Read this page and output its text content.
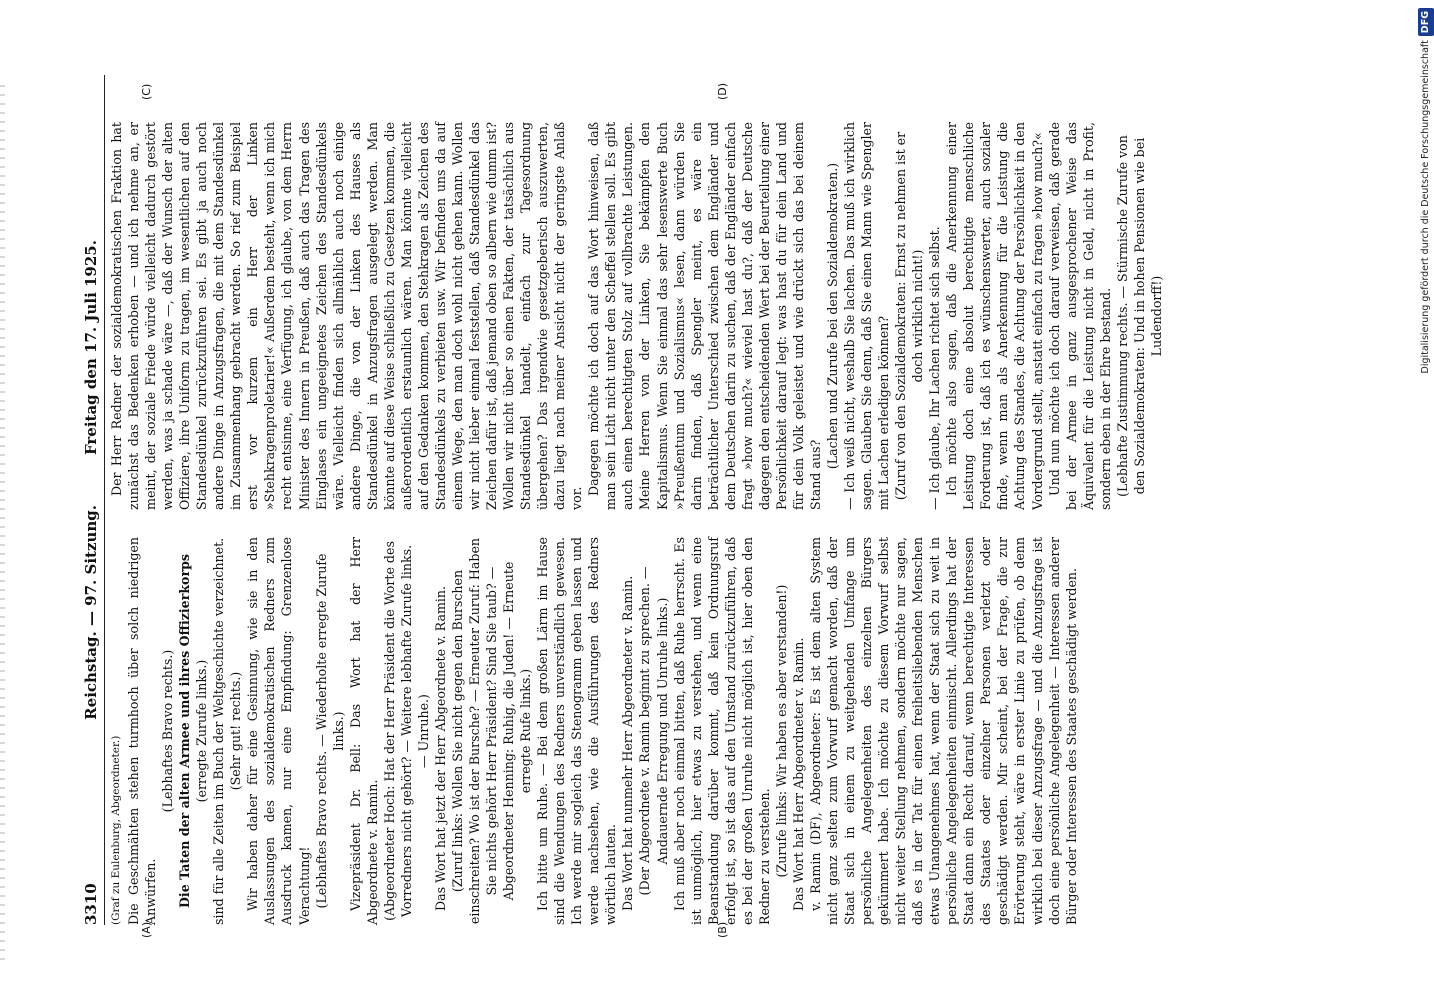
3310
Reichstag. — 97. Sitzung.
Freitag den 17. Juli 1925.
(A)	(B)
(C)	(D)

(Graf zu Eulenburg, Abgeordneter.) Die Geschmähten stehen turmhoch über solch niedrigen Anwürfen.

(Lebhaftes Bravo rechts.) Die Taten der alten Armee und ihres Offizierkorps (erregte Zurufe links.) sind für alle Zeiten im Buch der Weltgeschichte verzeichnet. (Sehr gut! rechts.) Wir haben daher für eine Gesinnung, wie sie in den Auslassungen des sozialdemokratischen Redners zum Ausdruck kamen, nur eine Empfindung: Grenzenlose Verachtung! (Lebhaftes Bravo rechts. — Wiederholte erregte Zurufe links.) Vizepräsident Dr. Bell: Das Wort hat der Herr Abgeordnete v. Ramin. (Abgeordneter Hoch: Hat der Herr Präsident die Worte des Vorredners nicht gehört? — Weitere lebhafte Zurufe links. — Unruhe.) Das Wort hat jetzt der Herr Abgeordnete v. Ramin. (Zuruf links: Wollen Sie nicht gegen den Burschen einschreiten? Wo ist der Bursche? — Erneuter Zuruf: Haben Sie nichts gehört Herr Präsident? Sind Sie taub? — Abgeordneter Henning: Ruhig, die Juden! — Erneute erregte Rufe links.) Ich bitte um Ruhe. — Bei dem großen Lärm im Hause sind die Wendungen des Redners unverständlich gewesen. Ich werde mir sogleich das Stenogramm geben lassen und werde nachsehen, wie die Ausführungen des Redners wörtlich lauten. Das Wort hat nunmehr Herr Abgeordneter v. Ramin. (Der Abgeordnete v. Ramin beginnt zu sprechen. — Andauernde Erregung und Unruhe links.) Ich muß aber noch einmal bitten, daß Ruhe herrscht. Es ist unmöglich, hier etwas zu verstehen, und wenn eine Beanstandung darüber kommt, daß kein Ordnungsruf erfolgt ist, so ist das auf den Umstand zurückzuführen, daß es bei der großen Unruhe nicht möglich ist, hier oben den Redner zu verstehen. (Zurufe links: Wir haben es aber verstanden!) Das Wort hat Herr Abgeordneter v. Ramin. v. Ramin (DF), Abgeordneter: Es ist dem alten System nicht ganz selten zum Vorwurf gemacht worden, daß der Staat sich in einem zu weitgehenden Umfange um persönliche Angelegenheiten des einzelnen Bürgers gekümmert habe. Ich möchte zu diesem Vorwurf selbst nicht weiter Stellung nehmen, sondern möchte nur sagen, daß es in der Tat für einen freiheitsliebenden Menschen etwas Unangenehmes hat, wenn der Staat sich zu weit in persönliche Angelegenheiten einmischt. Allerdings hat der Staat dann ein Recht darauf, wenn berechtigte Interessen des Staates oder einzelner Personen verletzt oder geschädigt werden. Mir scheint, bei der Frage, die zur Erörterung steht, wäre in erster Linie zu prüfen, ob denn wirklich bei dieser Anzugsfrage — und die Anzugsfrage ist doch eine persönliche Angelegenheit — Interessen anderer Bürger oder Interessen des Staates geschädigt werden.

Der Herr Redner der sozialdemokratischen Fraktion hat zunächst das Bedenken erhoben — und ich nehme an, er meint, der soziale Friede würde vielleicht dadurch gestört werden, was ja schade wäre —, daß der Wunsch der alten Offiziere, ihre Uniform zu tragen, im wesentlichen auf den Standesdünkel zurückzuführen sei. Es gibt ja auch noch andere Dinge in Anzugsfragen, die mit dem Standesdünkel im Zusammenhang gebracht werden. So rief zum Beispiel erst vor kurzem ein Herr der Linken »Stehkragenproletarier!« Außerdem besteht, wenn ich mich recht entsinne, eine Verfügung, ich glaube, von dem Herrn Minister des Innern in Preußen, daß auch das Tragen des Einglases ein ungeeignetes Zeichen des Standesdünkels wäre. Vielleicht finden sich allmählich auch noch einige andere Dinge, die von der Linken des Hauses als Standesdünkel in Anzugsfragen ausgelegt werden. Man könnte auf diese Weise schließlich zu Gesetzen kommen, die außerordentlich erstaunlich wären. Man könnte vielleicht auf den Gedanken kommen, den Stehkragen als Zeichen des Standesdünkels zu verbieten usw. Wir befinden uns da auf einem Wege, den man doch wohl nicht gehen kann. Wollen wir nicht lieber einmal feststellen, daß Standesdünkel das Zeichen dafür ist, daß jemand oben so albern wie dumm ist? Wollen wir nicht über so einen Fakten, der tatsächlich aus Standesdünkel handelt, einfach zur Tagesordnung übergehen? Das irgendwie gesetzgeberisch auszuwerten, dazu liegt nach meiner Ansicht nicht der geringste Anlaß vor.

Dagegen möchte ich doch auf das Wort hinweisen, daß man sein Licht nicht unter den Scheffel stellen soll. Es gibt auch einen berechtigten Stolz auf vollbrachte Leistungen. Meine Herren von der Linken, Sie bekämpfen den Kapitalismus. Wenn Sie einmal das sehr lesenswerte Buch »Preußentum und Sozialismus« lesen, dann würden Sie darin finden, daß Spengler meint, es wäre ein beträchtlicher Unterschied zwischen dem Engländer und dem Deutschen darin zu suchen, daß der Engländer einfach fragt »how much?« wieviel hast du?, daß der Deutsche dagegen den entscheidenden Wert bei der Beurteilung einer Persönlichkeit darauf legt: was hast du für dein Land und für dein Volk geleistet und wie drückt sich das bei deinem Stand aus?

(Lachen und Zurufe bei den Sozialdemokraten.) — Ich weiß nicht, weshalb Sie lachen. Das muß ich wirklich sagen. Glauben Sie denn, daß Sie einen Mann wie Spengler mit Lachen erledigen können? (Zuruf von den Sozialdemokraten: Ernst zu nehmen ist er doch wirklich nicht!) — Ich glaube, Ihr Lachen richtet sich selbst. Ich möchte also sagen, daß die Anerkennung einer Leistung doch eine absolut berechtigte menschliche Forderung ist, daß ich es wünschenswerter, auch sozialer finde, wenn man als Anerkennung für die Leistung die Achtung des Standes, die Achtung der Persönlichkeit in den Vordergrund stellt, anstatt einfach zu fragen »how much?« Und nun möchte ich doch darauf verweisen, daß gerade bei der Armee in ganz ausgesprochener Weise das Äquivalent für die Leistung nicht in Geld, nicht in Profit, sondern eben in der Ehre bestand. (Lebhafte Zustimmung rechts. — Stürmische Zurufe von den Sozialdemokraten: Und in hohen Pensionen wie bei Ludendorff!)	Digitalisierung gefördert durch die Deutsche ForschungsgemeinschaftDFG
